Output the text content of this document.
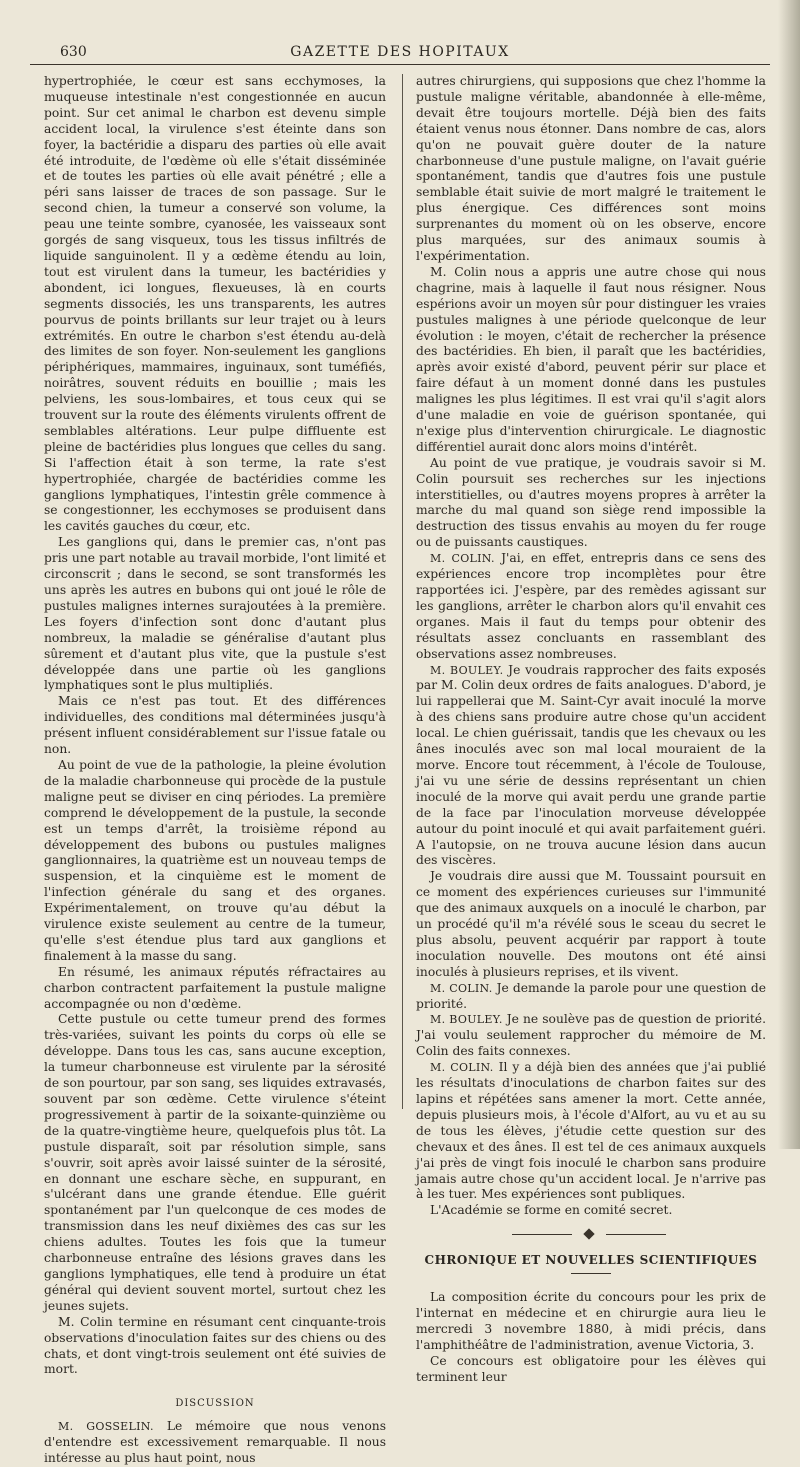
630	GAZETTE DES HOPITAUX

hypertrophiée, le cœur est sans ecchymoses, la muqueuse intestinale n'est congestionnée en aucun point. Sur cet animal le charbon est devenu simple accident local, la virulence s'est éteinte dans son foyer, la bactéridie a disparu des parties où elle avait été introduite, de l'œdème où elle s'était disséminée et de toutes les parties où elle avait pénétré ; elle a péri sans laisser de traces de son passage. Sur le second chien, la tumeur a conservé son volume, la peau une teinte sombre, cyanosée, les vaisseaux sont gorgés de sang visqueux, tous les tissus infiltrés de liquide sanguinolent. Il y a œdème étendu au loin, tout est virulent dans la tumeur, les bactéridies y abondent, ici longues, flexueuses, là en courts segments dissociés, les uns transparents, les autres pourvus de points brillants sur leur trajet ou à leurs extrémités. En outre le charbon s'est étendu au-delà des limites de son foyer. Non-seulement les ganglions périphériques, mammaires, inguinaux, sont tuméfiés, noirâtres, souvent réduits en bouillie ; mais les pelviens, les sous-lombaires, et tous ceux qui se trouvent sur la route des éléments virulents offrent de semblables altérations. Leur pulpe diffluente est pleine de bactéridies plus longues que celles du sang. Si l'affection était à son terme, la rate s'est hypertrophiée, chargée de bactéridies comme les ganglions lymphatiques, l'intestin grêle commence à se congestionner, les ecchymoses se produisent dans les cavités gauches du cœur, etc.

Les ganglions qui, dans le premier cas, n'ont pas pris une part notable au travail morbide, l'ont limité et circonscrit ; dans le second, se sont transformés les uns après les autres en bubons qui ont joué le rôle de pustules malignes internes surajoutées à la première. Les foyers d'infection sont donc d'autant plus nombreux, la maladie se généralise d'autant plus sûrement et d'autant plus vite, que la pustule s'est développée dans une partie où les ganglions lymphatiques sont le plus multipliés.

Mais ce n'est pas tout. Et des différences individuelles, des conditions mal déterminées jusqu'à présent influent considérablement sur l'issue fatale ou non.

Au point de vue de la pathologie, la pleine évolution de la maladie charbonneuse qui procède de la pustule maligne peut se diviser en cinq périodes. La première comprend le développement de la pustule, la seconde est un temps d'arrêt, la troisième répond au développement des bubons ou pustules malignes ganglionnaires, la quatrième est un nouveau temps de suspension, et la cinquième est le moment de l'infection générale du sang et des organes. Expérimentalement, on trouve qu'au début la virulence existe seulement au centre de la tumeur, qu'elle s'est étendue plus tard aux ganglions et finalement à la masse du sang.

En résumé, les animaux réputés réfractaires au charbon contractent parfaitement la pustule maligne accompagnée ou non d'œdème.

Cette pustule ou cette tumeur prend des formes très-variées, suivant les points du corps où elle se développe. Dans tous les cas, sans aucune exception, la tumeur charbonneuse est virulente par la sérosité de son pourtour, par son sang, ses liquides extravasés, souvent par son œdème. Cette virulence s'éteint progressivement à partir de la soixante-quinzième ou de la quatre-vingtième heure, quelquefois plus tôt. La pustule disparaît, soit par résolution simple, sans s'ouvrir, soit après avoir laissé suinter de la sérosité, en donnant une eschare sèche, en suppurant, en s'ulcérant dans une grande étendue. Elle guérit spontanément par l'un quelconque de ces modes de transmission dans les neuf dixièmes des cas sur les chiens adultes. Toutes les fois que la tumeur charbonneuse entraîne des lésions graves dans les ganglions lymphatiques, elle tend à produire un état général qui devient souvent mortel, surtout chez les jeunes sujets.

M. Colin termine en résumant cent cinquante-trois observations d'inoculation faites sur des chiens ou des chats, et dont vingt-trois seulement ont été suivies de mort.

DISCUSSION

M. GOSSELIN. Le mémoire que nous venons d'entendre est excessivement remarquable. Il nous intéresse au plus haut point, nous

autres chirurgiens, qui supposions que chez l'homme la pustule maligne véritable, abandonnée à elle-même, devait être toujours mortelle. Déjà bien des faits étaient venus nous étonner. Dans nombre de cas, alors qu'on ne pouvait guère douter de la nature charbonneuse d'une pustule maligne, on l'avait guérie spontanément, tandis que d'autres fois une pustule semblable était suivie de mort malgré le traitement le plus énergique. Ces différences sont moins surprenantes du moment où on les observe, encore plus marquées, sur des animaux soumis à l'expérimentation.

M. Colin nous a appris une autre chose qui nous chagrine, mais à laquelle il faut nous résigner. Nous espérions avoir un moyen sûr pour distinguer les vraies pustules malignes à une période quelconque de leur évolution : le moyen, c'était de rechercher la présence des bactéridies. Eh bien, il paraît que les bactéridies, après avoir existé d'abord, peuvent périr sur place et faire défaut à un moment donné dans les pustules malignes les plus légitimes. Il est vrai qu'il s'agit alors d'une maladie en voie de guérison spontanée, qui n'exige plus d'intervention chirurgicale. Le diagnostic différentiel aurait donc alors moins d'intérêt.

Au point de vue pratique, je voudrais savoir si M. Colin poursuit ses recherches sur les injections interstitielles, ou d'autres moyens propres à arrêter la marche du mal quand son siège rend impossible la destruction des tissus envahis au moyen du fer rouge ou de puissants caustiques.

M. COLIN. J'ai, en effet, entrepris dans ce sens des expériences encore trop incomplètes pour être rapportées ici. J'espère, par des remèdes agissant sur les ganglions, arrêter le charbon alors qu'il envahit ces organes. Mais il faut du temps pour obtenir des résultats assez concluants en rassemblant des observations assez nombreuses.

M. BOULEY. Je voudrais rapprocher des faits exposés par M. Colin deux ordres de faits analogues. D'abord, je lui rappellerai que M. Saint-Cyr avait inoculé la morve à des chiens sans produire autre chose qu'un accident local. Le chien guérissait, tandis que les chevaux ou les ânes inoculés avec son mal local mouraient de la morve. Encore tout récemment, à l'école de Toulouse, j'ai vu une série de dessins représentant un chien inoculé de la morve qui avait perdu une grande partie de la face par l'inoculation morveuse développée autour du point inoculé et qui avait parfaitement guéri. A l'autopsie, on ne trouva aucune lésion dans aucun des viscères.

Je voudrais dire aussi que M. Toussaint poursuit en ce moment des expériences curieuses sur l'immunité que des animaux auxquels on a inoculé le charbon, par un procédé qu'il m'a révélé sous le sceau du secret le plus absolu, peuvent acquérir par rapport à toute inoculation nouvelle. Des moutons ont été ainsi inoculés à plusieurs reprises, et ils vivent.

M. COLIN. Je demande la parole pour une question de priorité.

M. BOULEY. Je ne soulève pas de question de priorité. J'ai voulu seulement rapprocher du mémoire de M. Colin des faits connexes.

M. COLIN. Il y a déjà bien des années que j'ai publié les résultats d'inoculations de charbon faites sur des lapins et répétées sans amener la mort. Cette année, depuis plusieurs mois, à l'école d'Alfort, au vu et au su de tous les élèves, j'étudie cette question sur des chevaux et des ânes. Il est tel de ces animaux auxquels j'ai près de vingt fois inoculé le charbon sans produire jamais autre chose qu'un accident local. Je n'arrive pas à les tuer. Mes expériences sont publiques.

L'Académie se forme en comité secret.

CHRONIQUE ET NOUVELLES SCIENTIFIQUES

La composition écrite du concours pour les prix de l'internat en médecine et en chirurgie aura lieu le mercredi 3 novembre 1880, à midi précis, dans l'amphithéâtre de l'administration, avenue Victoria, 3.

Ce concours est obligatoire pour les élèves qui terminent leur
